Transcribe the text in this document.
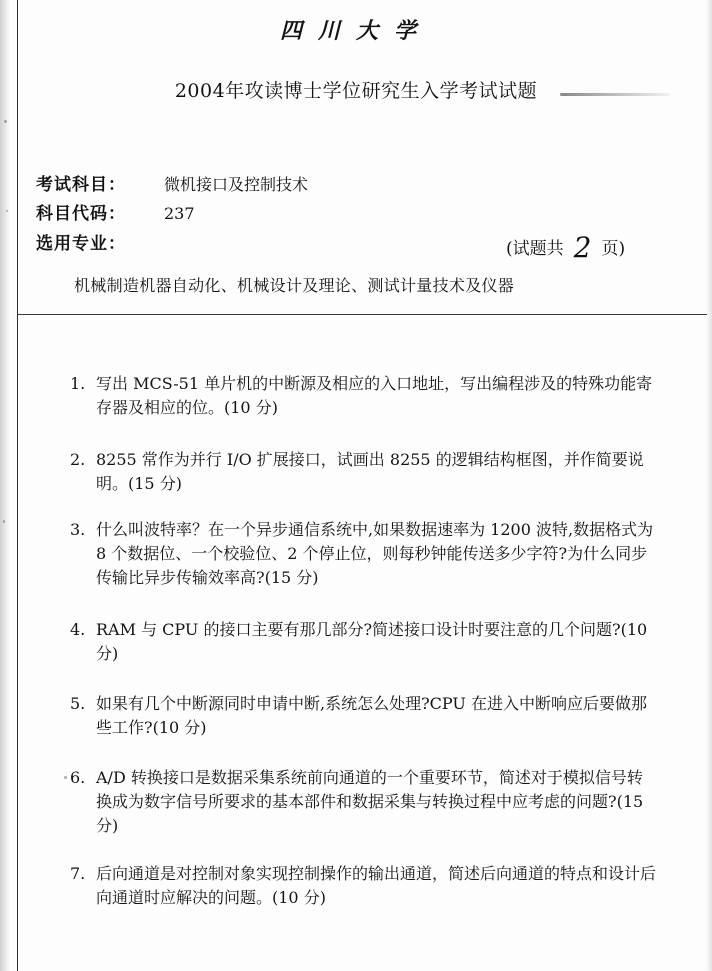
四川大学
2004年攻读博士学位研究生入学考试试题
考试科目： 微机接口及控制技术
科目代码： 237
选用专业：	(试题共 2 页)
机械制造机器自动化、机械设计及理论、测试计量技术及仪器
1. 写出 MCS-51 单片机的中断源及相应的入口地址，写出编程涉及的特殊功能寄存器及相应的位。(10 分)
2. 8255 常作为并行 I/O 扩展接口，试画出 8255 的逻辑结构框图，并作简要说明。(15 分)
3. 什么叫波特率？在一个异步通信系统中,如果数据速率为 1200 波特,数据格式为 8 个数据位、一个校验位、2 个停止位，则每秒钟能传送多少字符?为什么同步传输比异步传输效率高?(15 分)
4. RAM 与 CPU 的接口主要有那几部分?简述接口设计时要注意的几个问题?(10 分)
5. 如果有几个中断源同时申请中断,系统怎么处理?CPU 在进入中断响应后要做那些工作?(10 分)
6. A/D 转换接口是数据采集系统前向通道的一个重要环节，简述对于模拟信号转换成为数字信号所要求的基本部件和数据采集与转换过程中应考虑的问题?(15 分)
7. 后向通道是对控制对象实现控制操作的输出通道，简述后向通道的特点和设计后向通道时应解决的问题。(10 分)
